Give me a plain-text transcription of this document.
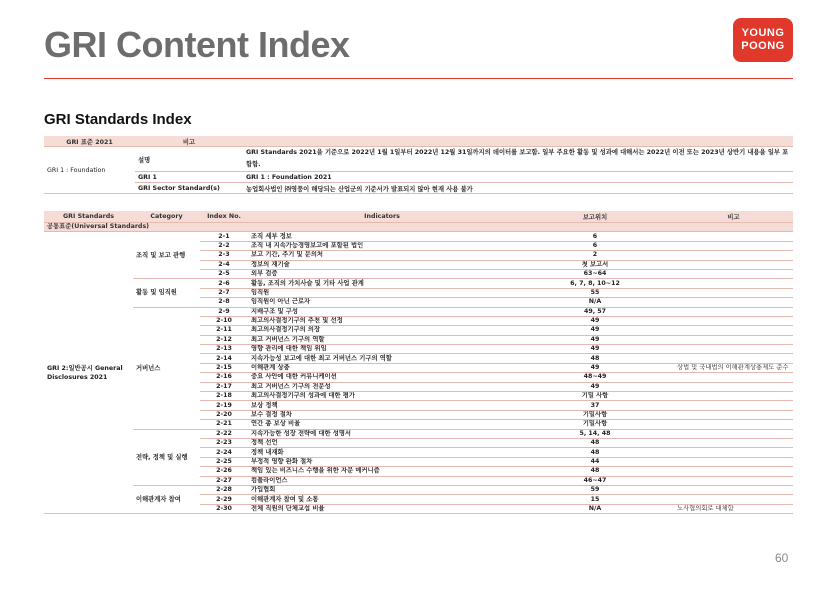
GRI Content Index	YOUNG
POONG
GRI Standards Index
GRI 표준 2021	비고	
GRI 1 : Foundation	설명	GRI Standards 2021을 기준으로 2022년 1월 1일부터 2022년 12월 31일까지의 데이터를 보고함. 일부 주요한 활동 및 성과에 대해서는 2022년 이전 또는 2023년 상반기 내용을 일부 포함함.
	GRI 1	GRI 1 : Foundation 2021
	GRI Sector Standard(s)	농업회사법인 ㈜영풍이 해당되는 산업군의 기준서가 발표되지 않아 현재 사용 불가
GRI Standards	Category	Index No.	Indicators	보고위치	비고
공통표준(Universal Standards)					
GRI 2:일반공시 General Disclosures 2021	조직 및 보고 관행	2-1	조직 세부 정보	6	
		2-2	조직 내 지속가능경영보고에 포함된 법인	6	
		2-3	보고 기간, 주기 및 문의처	2	
		2-4	정보의 재기술	첫 보고서	
		2-5	외부 검증	63~64	
	활동 및 임직원	2-6	활동, 조직의 가치사슬 및 기타 사업 관계	6, 7, 8, 10~12	
		2-7	임직원	55	
		2-8	임직원이 아닌 근로자	N/A	
	거버넌스	2-9	지배구조 및 구성	49, 57	
		2-10	최고의사결정기구의 추천 및 선정	49	
		2-11	최고의사결정기구의 의장	49	
		2-12	최고 거버넌스 기구의 역할	49	
		2-13	영향 관리에 대한 책임 위임	49	
		2-14	지속가능성 보고에 대한 최고 거버넌스 기구의 역할	48	
		2-15	이해관계 상충	49	상법 및 국내법의 이해관계상충제도 준수
		2-16	중요 사안에 대한 커뮤니케이션	48~49	
		2-17	최고 거버넌스 기구의 전문성	49	
		2-18	최고의사결정기구의 성과에 대한 평가	기밀 사항	
		2-19	보상 정책	37	
		2-20	보수 결정 절차	기밀사항	
		2-21	연간 총 보상 비율	기밀사항	
	전략, 정책 및 실행	2-22	지속가능한 성장 전략에 대한 성명서	5, 14, 48	
		2-23	정책 선언	48	
		2-24	정책 내재화	48	
		2-25	부정적 영향 완화 절차	44	
		2-26	책임 있는 비즈니스 수행을 위한 자문 메커니즘	48	
		2-27	컴플라이언스	46~47	
	이해관계자 참여	2-28	가입협회	59	
		2-29	이해관계자 참여 및 소통	15	
		2-30	전체 직원의 단체교섭 비율	N/A	노사협의회로 대체함
60
